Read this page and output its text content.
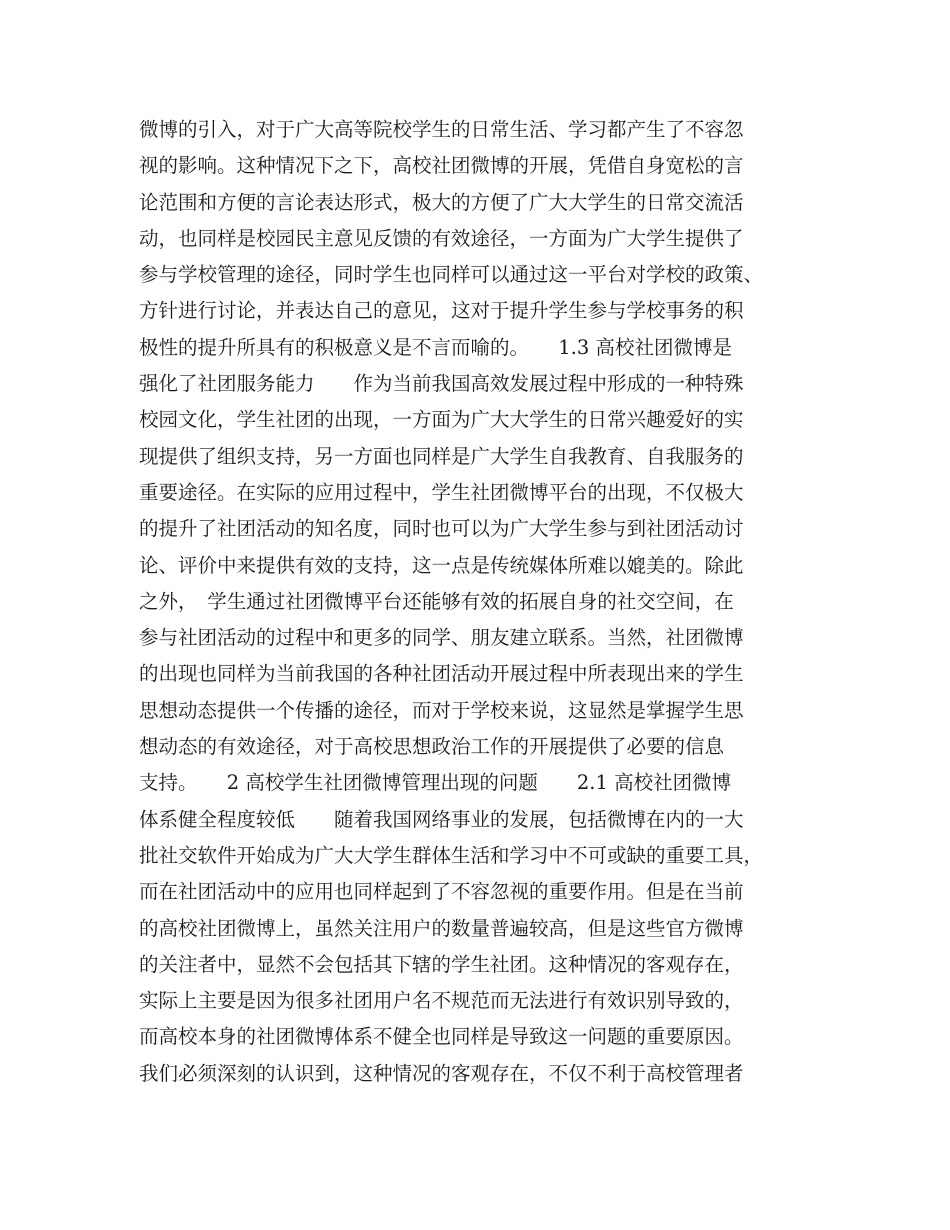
微博的引入，对于广大高等院校学生的日常生活、学习都产生了不容忽
视的影响。这种情况下之下，高校社团微博的开展，凭借自身宽松的言
论范围和方便的言论表达形式，极大的方便了广大大学生的日常交流活
动，也同样是校园民主意见反馈的有效途径，一方面为广大学生提供了
参与学校管理的途径，同时学生也同样可以通过这一平台对学校的政策、
方针进行讨论，并表达自己的意见，这对于提升学生参与学校事务的积
极性的提升所具有的积极意义是不言而喻的。　　1.3 高校社团微博是
强化了社团服务能力　　作为当前我国高效发展过程中形成的一种特殊
校园文化，学生社团的出现，一方面为广大大学生的日常兴趣爱好的实
现提供了组织支持，另一方面也同样是广大学生自我教育、自我服务的
重要途径。在实际的应用过程中，学生社团微博平台的出现，不仅极大
的提升了社团活动的知名度，同时也可以为广大学生参与到社团活动讨
论、评价中来提供有效的支持，这一点是传统媒体所难以媲美的。除此
之外，　学生通过社团微博平台还能够有效的拓展自身的社交空间，在
参与社团活动的过程中和更多的同学、朋友建立联系。当然，社团微博
的出现也同样为当前我国的各种社团活动开展过程中所表现出来的学生
思想动态提供一个传播的途径，而对于学校来说，这显然是掌握学生思
想动态的有效途径，对于高校思想政治工作的开展提供了必要的信息
支持。　　2 高校学生社团微博管理出现的问题　　2.1 高校社团微博
体系健全程度较低　　随着我国网络事业的发展，包括微博在内的一大
批社交软件开始成为广大大学生群体生活和学习中不可或缺的重要工具，
而在社团活动中的应用也同样起到了不容忽视的重要作用。但是在当前
的高校社团微博上，虽然关注用户的数量普遍较高，但是这些官方微博
的关注者中，显然不会包括其下辖的学生社团。这种情况的客观存在，
实际上主要是因为很多社团用户名不规范而无法进行有效识别导致的，
而高校本身的社团微博体系不健全也同样是导致这一问题的重要原因。
我们必须深刻的认识到，这种情况的客观存在，不仅不利于高校管理者
